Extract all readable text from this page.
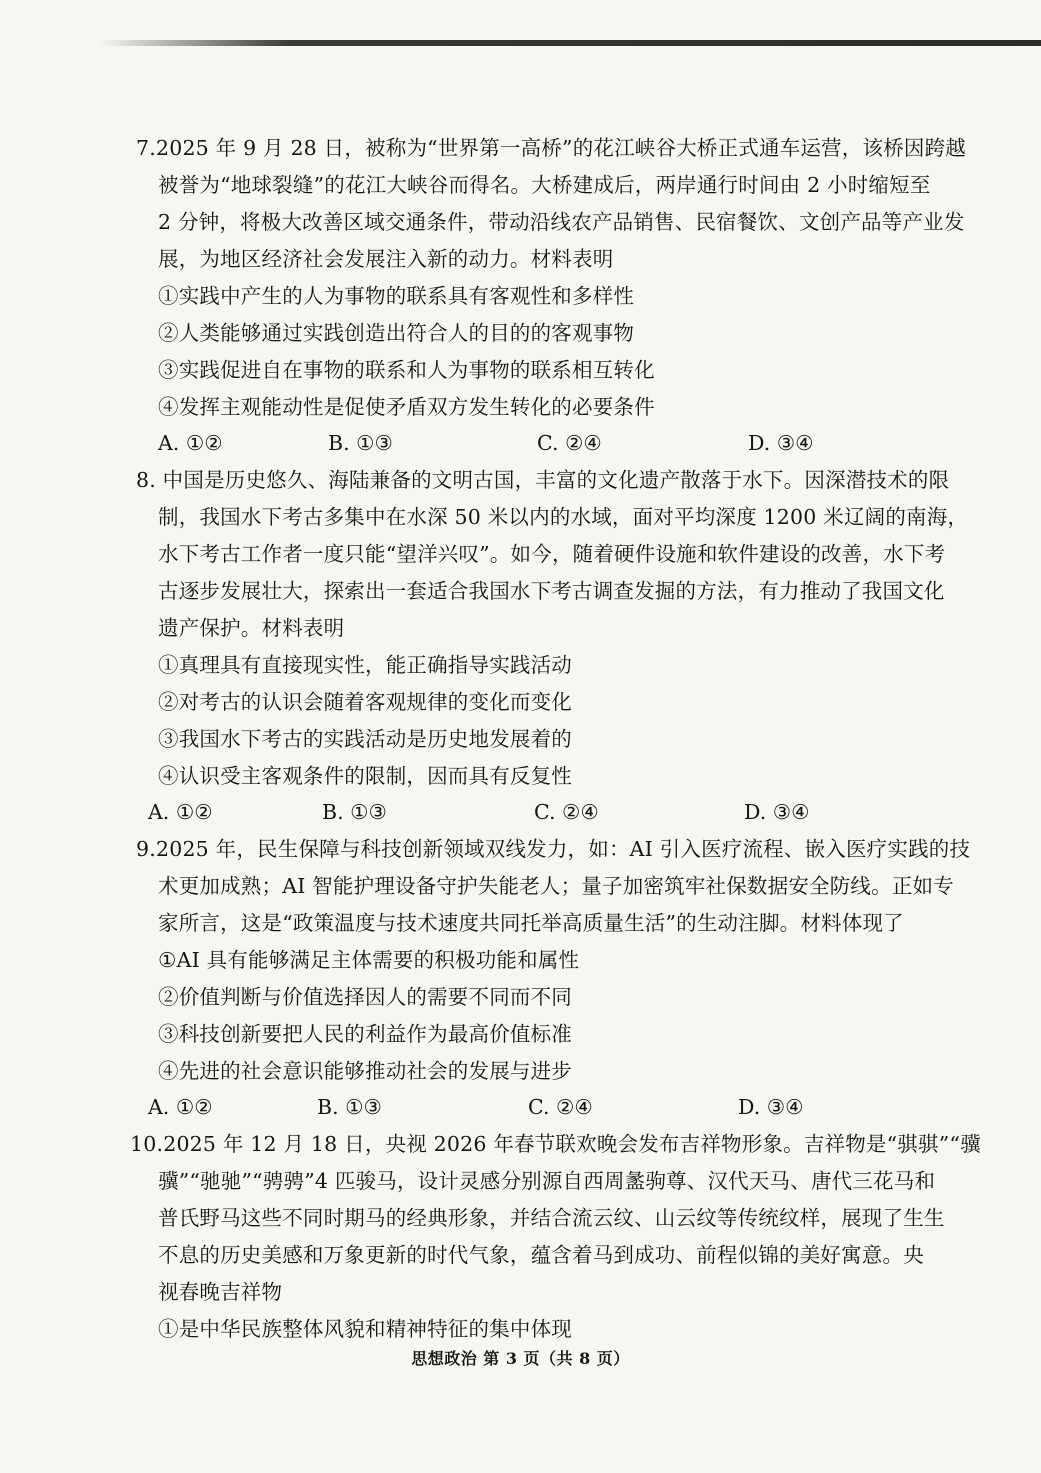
7.2025 年 9 月 28 日，被称为“世界第一高桥”的花江峡谷大桥正式通车运营，该桥因跨越
被誉为“地球裂缝”的花江大峡谷而得名。大桥建成后，两岸通行时间由 2 小时缩短至
2 分钟，将极大改善区域交通条件，带动沿线农产品销售、民宿餐饮、文创产品等产业发
展，为地区经济社会发展注入新的动力。材料表明
①实践中产生的人为事物的联系具有客观性和多样性
②人类能够通过实践创造出符合人的目的的客观事物
③实践促进自在事物的联系和人为事物的联系相互转化
④发挥主观能动性是促使矛盾双方发生转化的必要条件
A. ①②	B. ①③	C. ②④	D. ③④
8. 中国是历史悠久、海陆兼备的文明古国，丰富的文化遗产散落于水下。因深潜技术的限
制，我国水下考古多集中在水深 50 米以内的水域，面对平均深度 1200 米辽阔的南海，
水下考古工作者一度只能“望洋兴叹”。如今，随着硬件设施和软件建设的改善，水下考
古逐步发展壮大，探索出一套适合我国水下考古调查发掘的方法，有力推动了我国文化
遗产保护。材料表明
①真理具有直接现实性，能正确指导实践活动
②对考古的认识会随着客观规律的变化而变化
③我国水下考古的实践活动是历史地发展着的
④认识受主客观条件的限制，因而具有反复性
A. ①②	B. ①③	C. ②④	D. ③④
9.2025 年，民生保障与科技创新领域双线发力，如：AI 引入医疗流程、嵌入医疗实践的技
术更加成熟；AI 智能护理设备守护失能老人；量子加密筑牢社保数据安全防线。正如专
家所言，这是“政策温度与技术速度共同托举高质量生活”的生动注脚。材料体现了
①AI 具有能够满足主体需要的积极功能和属性
②价值判断与价值选择因人的需要不同而不同
③科技创新要把人民的利益作为最高价值标准
④先进的社会意识能够推动社会的发展与进步
A. ①②	B. ①③	C. ②④	D. ③④
10.2025 年 12 月 18 日，央视 2026 年春节联欢晚会发布吉祥物形象。吉祥物是“骐骐”“骥
骥”“驰驰”“骋骋”4 匹骏马，设计灵感分别源自西周盠驹尊、汉代天马、唐代三花马和
普氏野马这些不同时期马的经典形象，并结合流云纹、山云纹等传统纹样，展现了生生
不息的历史美感和万象更新的时代气象，蕴含着马到成功、前程似锦的美好寓意。央
视春晚吉祥物
①是中华民族整体风貌和精神特征的集中体现
思想政治 第 3 页（共 8 页）
